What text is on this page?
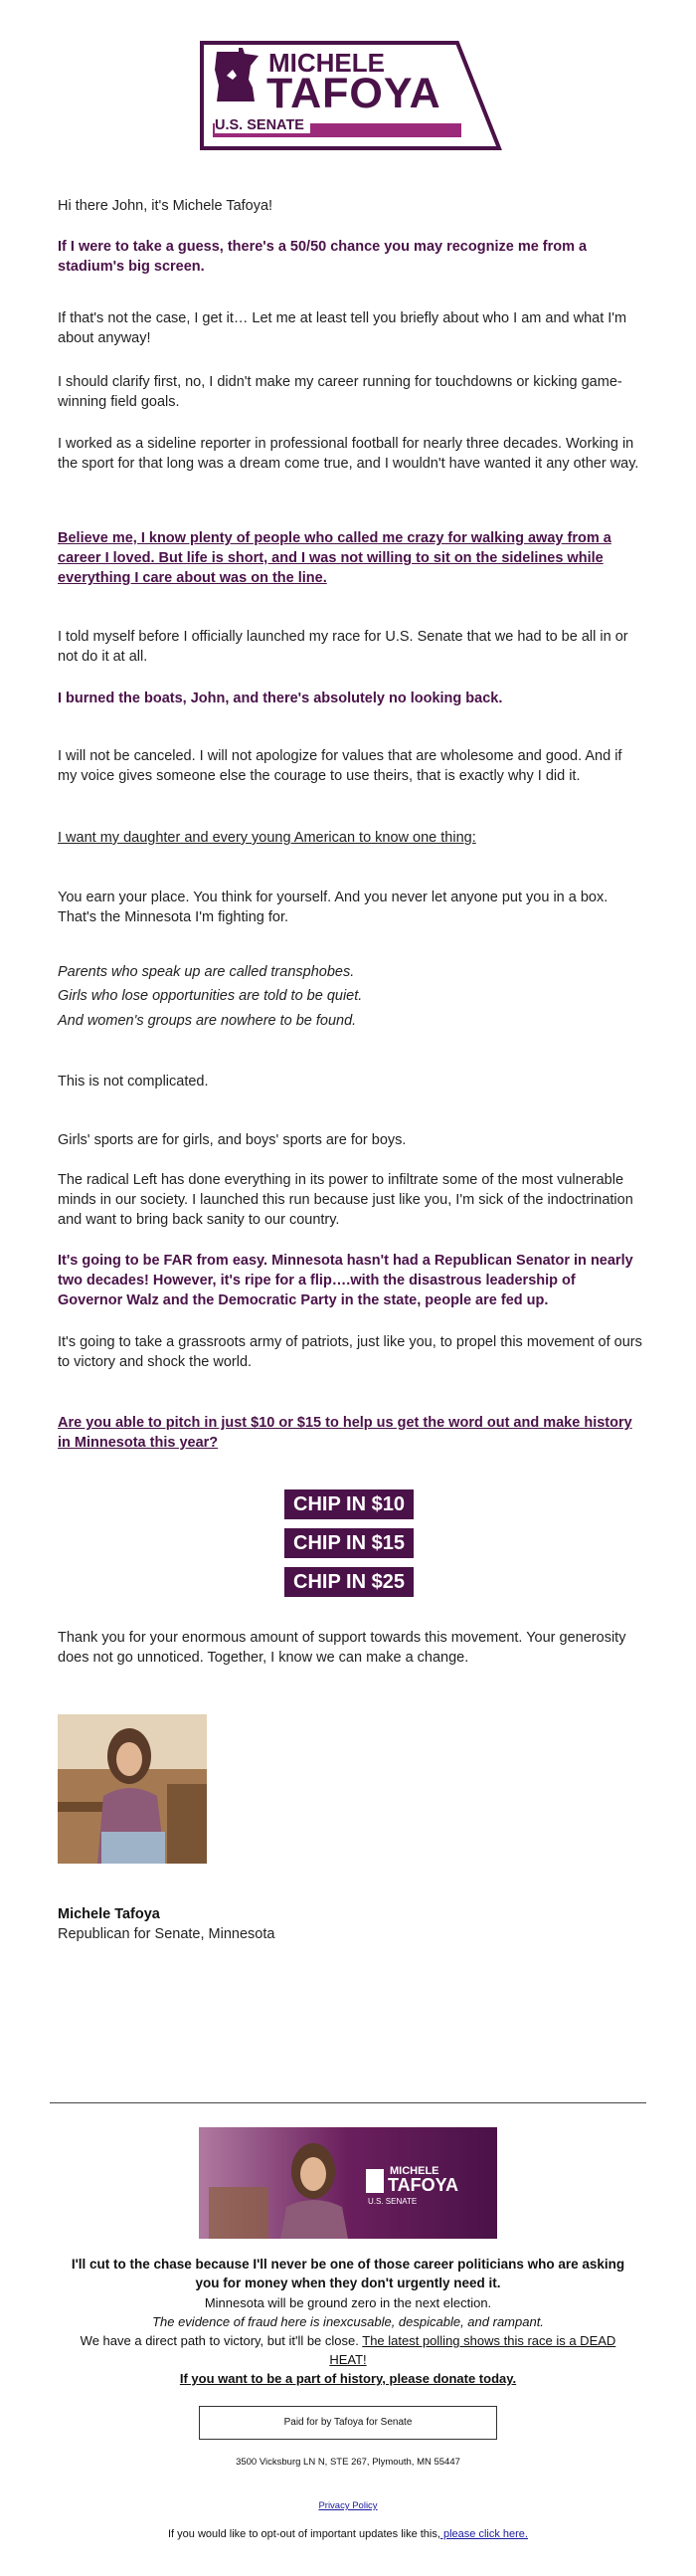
MICHELE
TAFOYA
U.S. SENATE
Hi there John, it's Michele Tafoya!
If I were to take a guess, there's a 50/50 chance you may recognize me from a stadium's big screen.
If that's not the case, I get it… Let me at least tell you briefly about who I am and what I'm about anyway!
I should clarify first, no, I didn't make my career running for touchdowns or kicking game-winning field goals.
I worked as a sideline reporter in professional football for nearly three decades. Working in the sport for that long was a dream come true, and I wouldn't have wanted it any other way.
Believe me, I know plenty of people who called me crazy for walking away from a career I loved. But life is short, and I was not willing to sit on the sidelines while everything I care about was on the line.
I told myself before I officially launched my race for U.S. Senate that we had to be all in or not do it at all.
I burned the boats, John, and there's absolutely no looking back.
I will not be canceled. I will not apologize for values that are wholesome and good. And if my voice gives someone else the courage to use theirs, that is exactly why I did it.
I want my daughter and every young American to know one thing:
You earn your place. You think for yourself. And you never let anyone put you in a box. That's the Minnesota I'm fighting for.
Parents who speak up are called transphobes.
Girls who lose opportunities are told to be quiet.
And women's groups are nowhere to be found.
This is not complicated.
Girls' sports are for girls, and boys' sports are for boys.
The radical Left has done everything in its power to infiltrate some of the most vulnerable minds in our society. I launched this run because just like you, I'm sick of the indoctrination and want to bring back sanity to our country.
It's going to be FAR from easy. Minnesota hasn't had a Republican Senator in nearly two decades! However, it's ripe for a flip….with the disastrous leadership of Governor Walz and the Democratic Party in the state, people are fed up.
It's going to take a grassroots army of patriots, just like you, to propel this movement of ours to victory and shock the world.
Are you able to pitch in just $10 or $15 to help us get the word out and make history in Minnesota this year?
CHIP IN $10
CHIP IN $15
CHIP IN $25
Thank you for your enormous amount of support towards this movement. Your generosity does not go unnoticed. Together, I know we can make a change.
Michele Tafoya
Republican for Senate, Minnesota
MICHELE
TAFOYA
U.S. SENATE
I'll cut to the chase because I'll never be one of those career politicians who are asking you for money when they don't urgently need it.
Minnesota will be ground zero in the next election.
The evidence of fraud here is inexcusable, despicable, and rampant.
We have a direct path to victory, but it'll be close. The latest polling shows this race is a DEAD HEAT!
If you want to be a part of history, please donate today.
Paid for by Tafoya for Senate
3500 Vicksburg LN N, STE 267, Plymouth, MN 55447
Privacy Policy
If you would like to opt-out of important updates like this, please click here.
